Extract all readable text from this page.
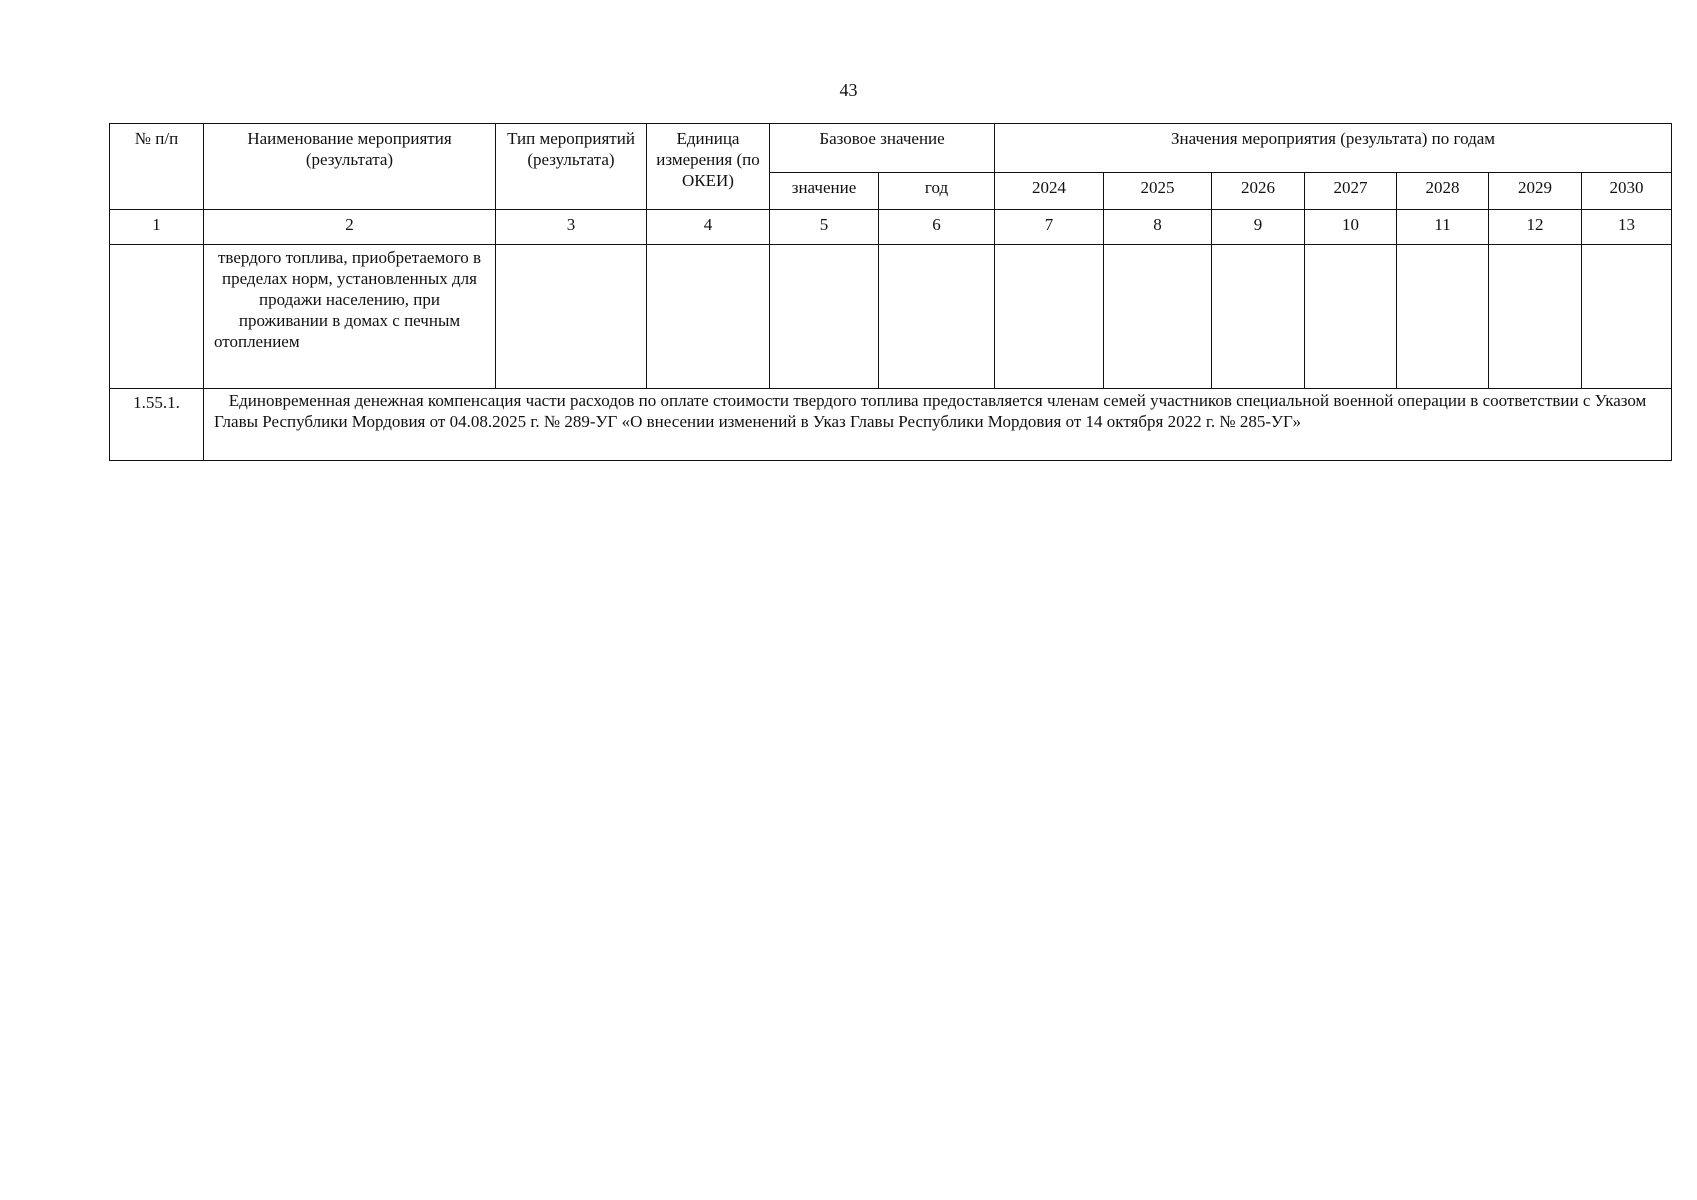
43
№ п/п	Наименование мероприятия (результата)	Тип мероприятий (результата)	Единица измерения (по ОКЕИ)	Базовое значение		Значения мероприятия (результата) по годам						
				значение	год	2024	2025	2026	2027	2028	2029	2030
1	2	3	4	5	6	7	8	9	10	11	12	13
	твердого топлива, приобретаемого в пределах норм, установленных для продажи населению, при проживании в домах с печным отоплением											
1.55.1.	Единовременная денежная компенсация части расходов по оплате стоимости твердого топлива предоставляется членам семей участников специальной военной операции в соответствии с Указом Главы Республики Мордовия от 04.08.2025 г. № 289-УГ «О внесении изменений в Указ Главы Республики Мордовия от 14 октября 2022 г. № 285-УГ»											
